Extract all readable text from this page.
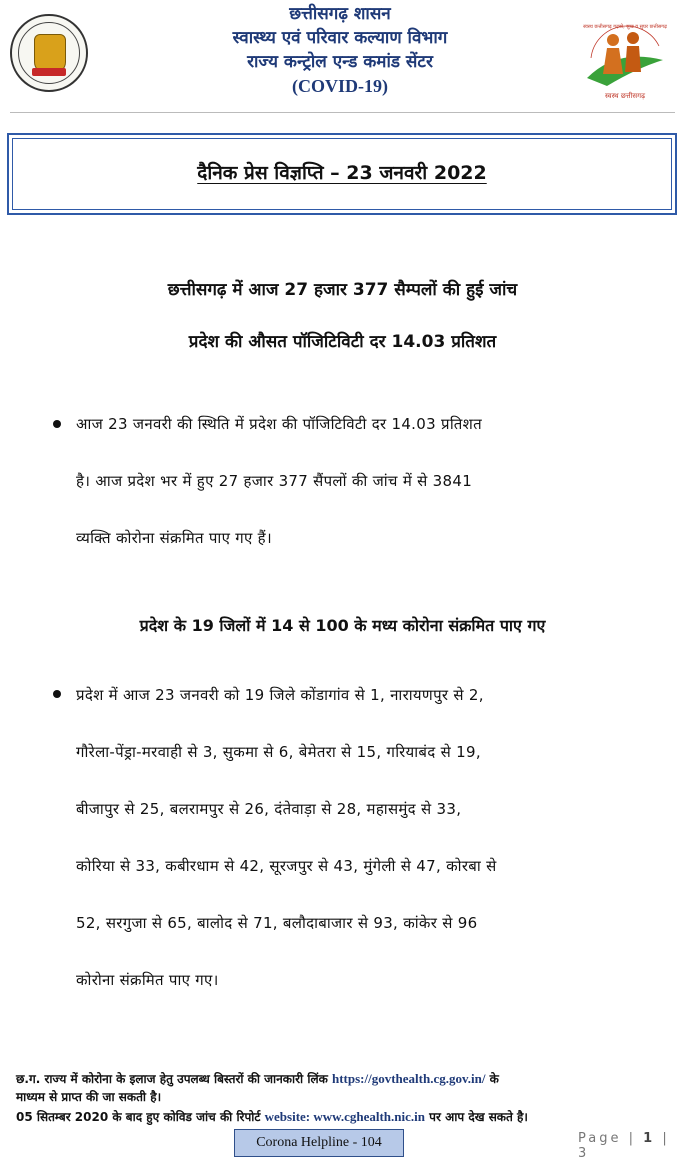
छत्तीसगढ़ शासन
स्वास्थ्य एवं परिवार कल्याण विभाग
राज्य कन्ट्रोल एन्ड कमांड सेंटर
(COVID-19)
स्वस्थ छत्तीसगढ़ गढ़बो, सुख व सुघर छत्तीसगढ़
स्वस्थ छत्तीसगढ़
दैनिक प्रेस विज्ञप्ति – 23 जनवरी 2022
छत्तीसगढ़ में आज 27 हजार 377 सैम्पलों की हुई जांच
प्रदेश की औसत पॉजिटिविटी दर 14.03 प्रतिशत
आज 23 जनवरी की स्थिति में प्रदेश की पॉजिटिविटी दर 14.03 प्रतिशत
है। आज प्रदेश भर में हुए 27 हजार 377 सैंपलों की जांच में से 3841
व्यक्ति कोरोना संक्रमित पाए गए हैं।
प्रदेश के 19 जिलों में 14 से 100 के मध्य कोरोना संक्रमित पाए गए
प्रदेश में आज 23 जनवरी को 19 जिले कोंडागांव से 1, नारायणपुर से 2,
गौरेला-पेंड्रा-मरवाही से 3, सुकमा से 6, बेमेतरा से 15, गरियाबंद से 19,
बीजापुर से 25, बलरामपुर से 26, दंतेवाड़ा से 28, महासमुंद से 33,
कोरिया से 33, कबीरधाम से 42, सूरजपुर से 43, मुंगेली से 47, कोरबा से
52, सरगुजा से 65, बालोद से 71, बलौदाबाजार से 93, कांकेर से 96
कोरोना संक्रमित पाए गए।
छ.ग. राज्य में कोरोना के इलाज हेतु उपलब्ध बिस्तरों की जानकारी लिंक https://govthealth.cg.gov.in/ के
माध्यम से प्राप्त की जा सकती है।
05 सितम्बर 2020 के बाद हुए कोविड जांच की रिपोर्ट website: www.cghealth.nic.in पर आप देख सकते है।
Corona Helpline - 104	Page | 1 | 3
